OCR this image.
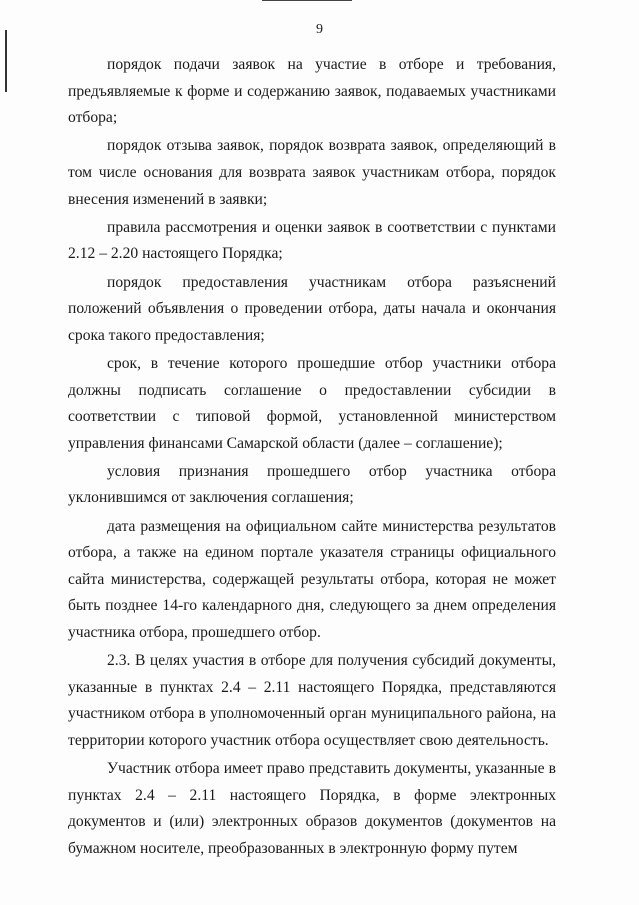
9

порядок подачи заявок на участие в отборе и требования, предъявляемые к форме и содержанию заявок, подаваемых участниками отбора;

порядок отзыва заявок, порядок возврата заявок, определяющий в том числе основания для возврата заявок участникам отбора, порядок внесения изменений в заявки;

правила рассмотрения и оценки заявок в соответствии с пунктами 2.12 – 2.20 настоящего Порядка;

порядок предоставления участникам отбора разъяснений положений объявления о проведении отбора, даты начала и окончания срока такого предоставления;

срок, в течение которого прошедшие отбор участники отбора должны подписать соглашение о предоставлении субсидии в соответствии с типовой формой, установленной министерством управления финансами Самарской области (далее – соглашение);

условия признания прошедшего отбор участника отбора уклонившимся от заключения соглашения;

дата размещения на официальном сайте министерства результатов отбора, а также на едином портале указателя страницы официального сайта министерства, содержащей результаты отбора, которая не может быть позднее 14-го календарного дня, следующего за днем определения участника отбора, прошедшего отбор.

2.3. В целях участия в отборе для получения субсидий документы, указанные в пунктах 2.4 – 2.11 настоящего Порядка, представляются участником отбора в уполномоченный орган муниципального района, на территории которого участник отбора осуществляет свою деятельность.

Участник отбора имеет право представить документы, указанные в пунктах 2.4 – 2.11 настоящего Порядка, в форме электронных документов и (или) электронных образов документов (документов на бумажном носителе, преобразованных в электронную форму путем
